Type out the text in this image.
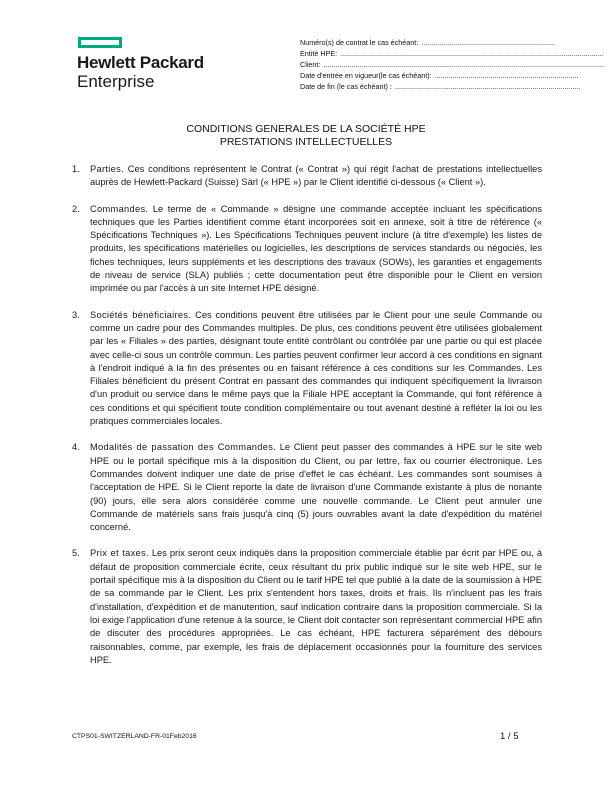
Hewlett Packard
Enterprise
Numéro(s) de contrat le cas échéant: ...................................................................
Entité HPE: ....................................................................................................................................
Client: .............................................................................................................................................
Date d'entrée en vigueur(le cas échéant): ........................................................................
Date de fin (le cas échéant) : .............................................................................................
CONDITIONS GENERALES DE LA SOCIÉTÉ HPE
PRESTATIONS INTELLECTUELLES
1.	Parties. Ces conditions représentent le Contrat (« Contrat ») qui régit l'achat de prestations intellectuelles auprès de Hewlett-Packard (Suisse) Sàrl (« HPE ») par le Client identifié ci-dessous (« Client »).
2.	Commandes. Le terme de « Commande » désigne une commande acceptée incluant les spécifications techniques que les Parties identifient comme étant incorporées soit en annexe, soit à titre de référence (« Spécifications Techniques »). Les Spécifications Techniques peuvent inclure (à titre d'exemple) les listes de produits, les spécifications matérielles ou logicielles, les descriptions de services standards ou négociés, les fiches techniques, leurs suppléments et les descriptions des travaux (SOWs), les garanties et engagements de niveau de service (SLA) publiés ; cette documentation peut être disponible pour le Client en version imprimée ou par l'accès à un site Internet HPE désigné.
3.	Sociétés bénéficiaires. Ces conditions peuvent être utilisées par le Client pour une seule Commande ou comme un cadre pour des Commandes multiples. De plus, ces conditions peuvent être utilisées globalement par les « Filiales » des parties, désignant toute entité contrôlant ou contrôlée par une partie ou qui est placée avec celle-ci sous un contrôle commun. Les parties peuvent confirmer leur accord à ces conditions en signant à l'endroit indiqué à la fin des présentes ou en faisant référence à ces conditions sur les Commandes. Les Filiales bénéficient du présent Contrat en passant des commandes qui indiquent spécifiquement la livraison d'un produit ou service dans le même pays que la Filiale HPE acceptant la Commande, qui font référence à ces conditions et qui spécifient toute condition complémentaire ou tout avenant destiné à refléter la loi ou les pratiques commerciales locales.
4.	Modalités de passation des Commandes. Le Client peut passer des commandes à HPE sur le site web HPE ou le portail spécifique mis à la disposition du Client, ou par lettre, fax ou courrier électronique. Les Commandes doivent indiquer une date de prise d'effet le cas échéant. Les commandes sont soumises à l'acceptation de HPE. Si le Client reporte la date de livraison d'une Commande existante à plus de nonante (90) jours, elle sera alors considérée comme une nouvelle commande. Le Client peut annuler une Commande de matériels sans frais jusqu'à cinq (5) jours ouvrables avant la date d'expédition du matériel concerné.
5.	Prix et taxes. Les prix seront ceux indiqués dans la proposition commerciale établie par écrit par HPE ou, à défaut de proposition commerciale écrite, ceux résultant du prix public indiqué sur le site web HPE, sur le portail spécifique mis à la disposition du Client ou le tarif HPE tel que publié à la date de la soumission à HPE de sa commande par le Client. Les prix s'entendent hors taxes, droits et frais. Ils n'incluent pas les frais d'installation, d'expédition et de manutention, sauf indication contraire dans la proposition commerciale. Si la loi exige l'application d'une retenue à la source, le Client doit contacter son représentant commercial HPE afin de discuter des procédures appropriées. Le cas échéant, HPE facturera séparément des débours raisonnables, comme, par exemple, les frais de déplacement occasionnés pour la fourniture des services HPE.
CTPS01-SWITZERLAND-FR-01Feb2016	1 / 5
